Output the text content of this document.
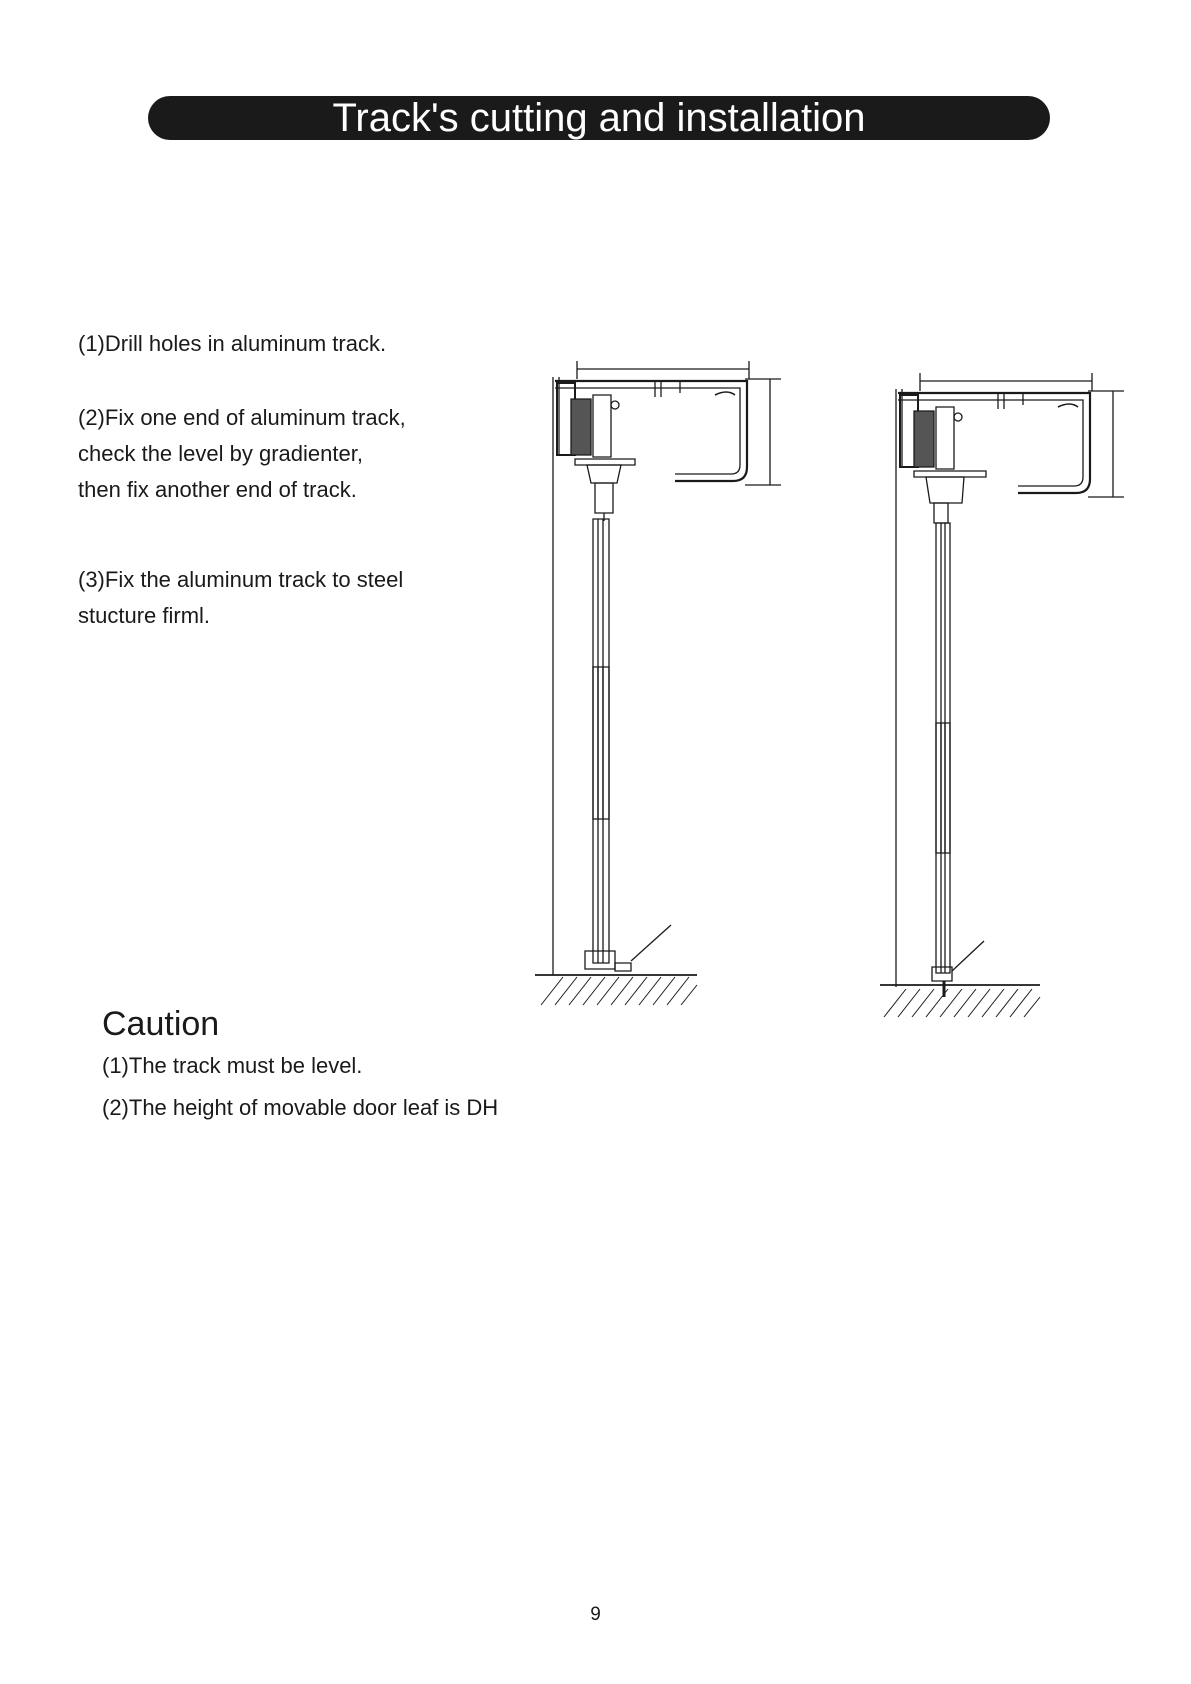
Track's cutting and installation
(1)Drill holes in aluminum track.
(2)Fix one end of aluminum track,
check the level by gradienter,
then fix another end of track.
(3)Fix the aluminum track to steel
stucture firml.
Caution
(1)The track must be level.
(2)The height of movable door leaf is DH
9
